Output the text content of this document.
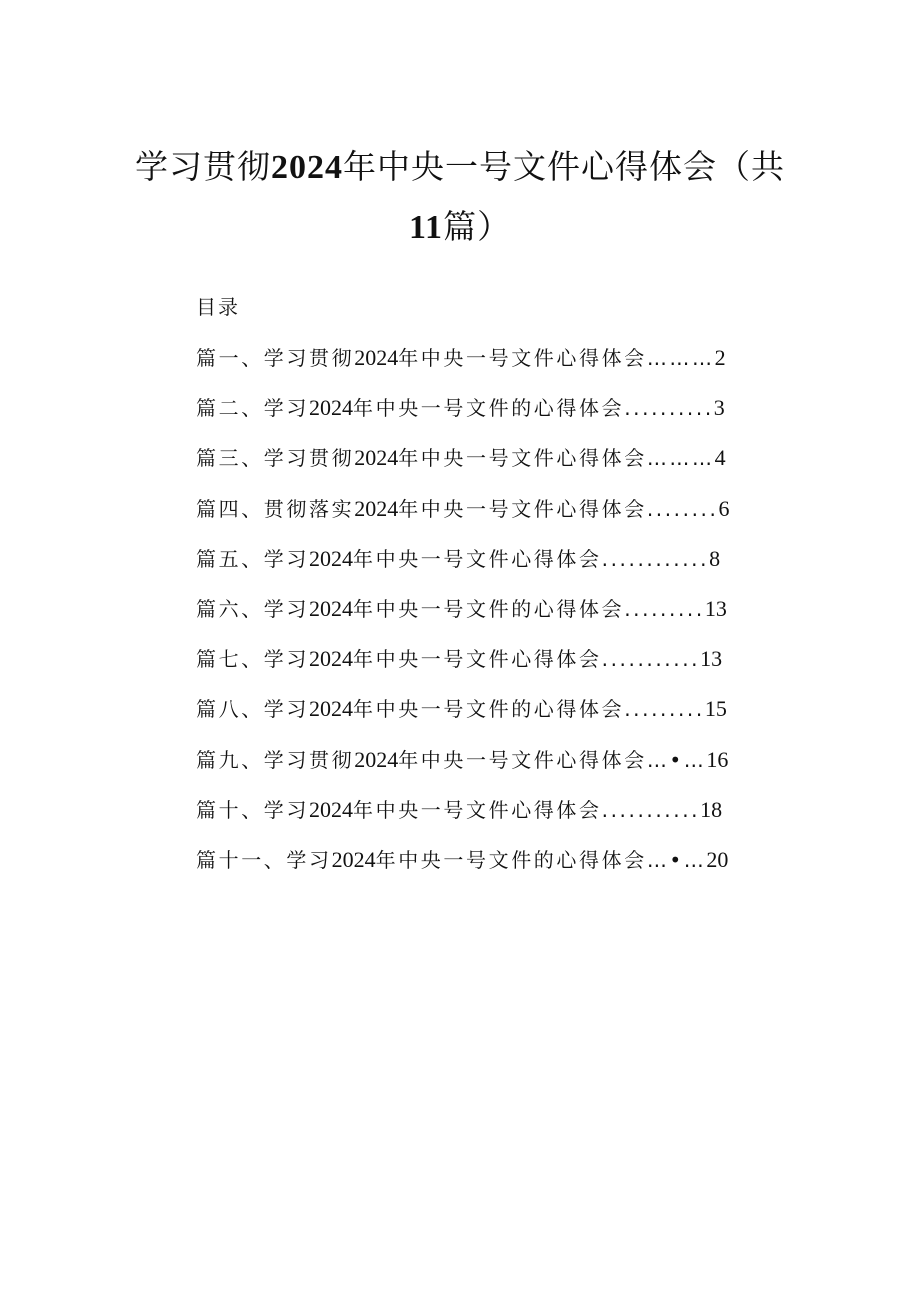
学习贯彻2024年中央一号文件心得体会（共
11篇）
目录
篇一、学习贯彻2024年中央一号文件心得体会………2
篇二、学习2024年中央一号文件的心得体会..........3
篇三、学习贯彻2024年中央一号文件心得体会………4
篇四、贯彻落实2024年中央一号文件心得体会........6
篇五、学习2024年中央一号文件心得体会............8
篇六、学习2024年中央一号文件的心得体会.........13
篇七、学习2024年中央一号文件心得体会...........13
篇八、学习2024年中央一号文件的心得体会.........15
篇九、学习贯彻2024年中央一号文件心得体会…•…16
篇十、学习2024年中央一号文件心得体会...........18
篇十一、学习2024年中央一号文件的心得体会…•…20
